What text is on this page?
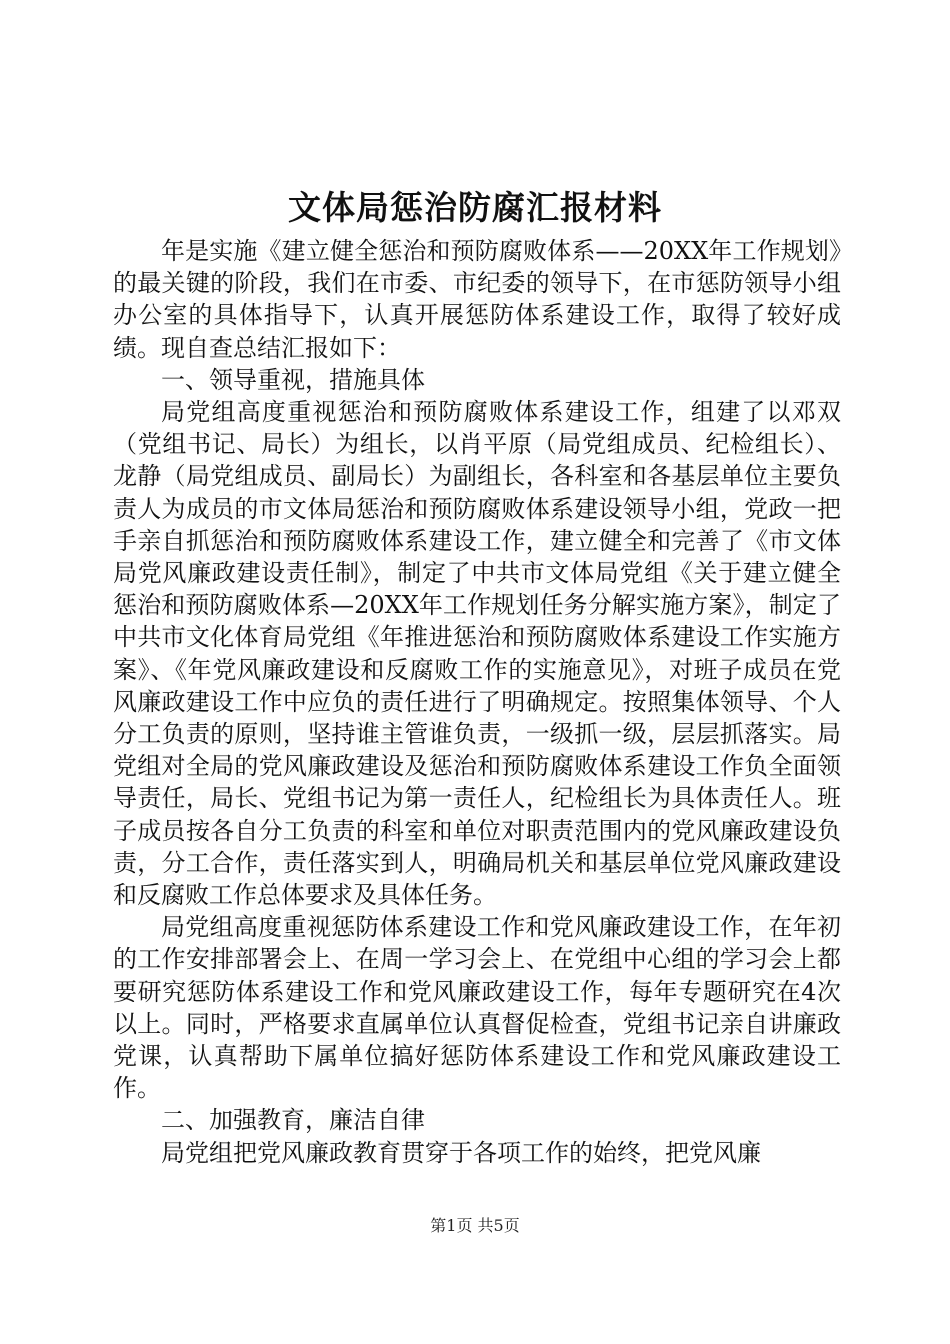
文体局惩治防腐汇报材料

年是实施《建立健全惩治和预防腐败体系——20XX年工作规划》的最关键的阶段，我们在市委、市纪委的领导下，在市惩防领导小组办公室的具体指导下，认真开展惩防体系建设工作，取得了较好成绩。现自查总结汇报如下：

一、领导重视，措施具体

局党组高度重视惩治和预防腐败体系建设工作，组建了以邓双（党组书记、局长）为组长，以肖平原（局党组成员、纪检组长）、龙静（局党组成员、副局长）为副组长，各科室和各基层单位主要负责人为成员的市文体局惩治和预防腐败体系建设领导小组，党政一把手亲自抓惩治和预防腐败体系建设工作，建立健全和完善了《市文体局党风廉政建设责任制》，制定了中共市文体局党组《关于建立健全惩治和预防腐败体系—20XX年工作规划任务分解实施方案》，制定了中共市文化体育局党组《年推进惩治和预防腐败体系建设工作实施方案》、《年党风廉政建设和反腐败工作的实施意见》，对班子成员在党风廉政建设工作中应负的责任进行了明确规定。按照集体领导、个人分工负责的原则，坚持谁主管谁负责，一级抓一级，层层抓落实。局党组对全局的党风廉政建设及惩治和预防腐败体系建设工作负全面领导责任，局长、党组书记为第一责任人，纪检组长为具体责任人。班子成员按各自分工负责的科室和单位对职责范围内的党风廉政建设负责，分工合作，责任落实到人，明确局机关和基层单位党风廉政建设和反腐败工作总体要求及具体任务。

局党组高度重视惩防体系建设工作和党风廉政建设工作，在年初的工作安排部署会上、在周一学习会上、在党组中心组的学习会上都要研究惩防体系建设工作和党风廉政建设工作，每年专题研究在4次以上。同时，严格要求直属单位认真督促检查，党组书记亲自讲廉政党课，认真帮助下属单位搞好惩防体系建设工作和党风廉政建设工作。

二、加强教育，廉洁自律

局党组把党风廉政教育贯穿于各项工作的始终，把党风廉

第1页 共5页
